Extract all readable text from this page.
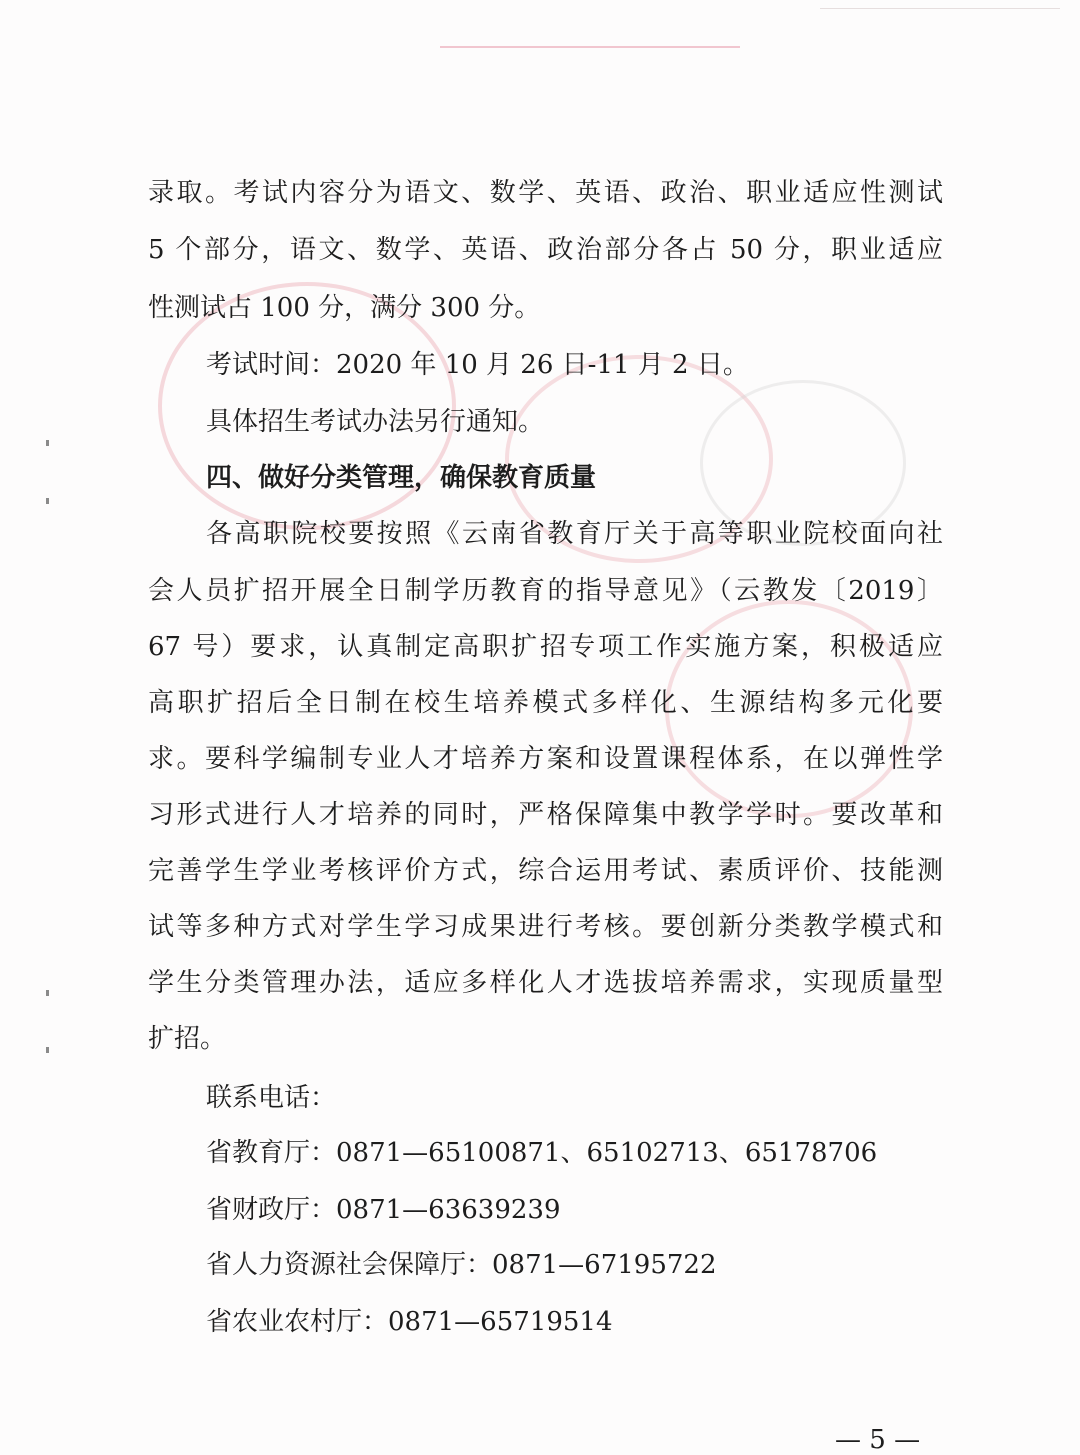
录取。考试内容分为语文、数学、英语、政治、职业适应性测试
5 个部分，语文、数学、英语、政治部分各占 50 分，职业适应
性测试占 100 分，满分 300 分。
考试时间：2020 年 10 月 26 日-11 月 2 日。
具体招生考试办法另行通知。
四、做好分类管理，确保教育质量
各高职院校要按照《云南省教育厅关于高等职业院校面向社
会人员扩招开展全日制学历教育的指导意见》（云教发〔2019〕
67 号）要求，认真制定高职扩招专项工作实施方案，积极适应
高职扩招后全日制在校生培养模式多样化、生源结构多元化要
求。要科学编制专业人才培养方案和设置课程体系，在以弹性学
习形式进行人才培养的同时，严格保障集中教学学时。要改革和
完善学生学业考核评价方式，综合运用考试、素质评价、技能测
试等多种方式对学生学习成果进行考核。要创新分类教学模式和
学生分类管理办法，适应多样化人才选拔培养需求，实现质量型
扩招。
联系电话：
省教育厅：0871—65100871、65102713、65178706
省财政厅：0871—63639239
省人力资源社会保障厅：0871—67195722
省农业农村厅：0871—65719514
— 5 —
